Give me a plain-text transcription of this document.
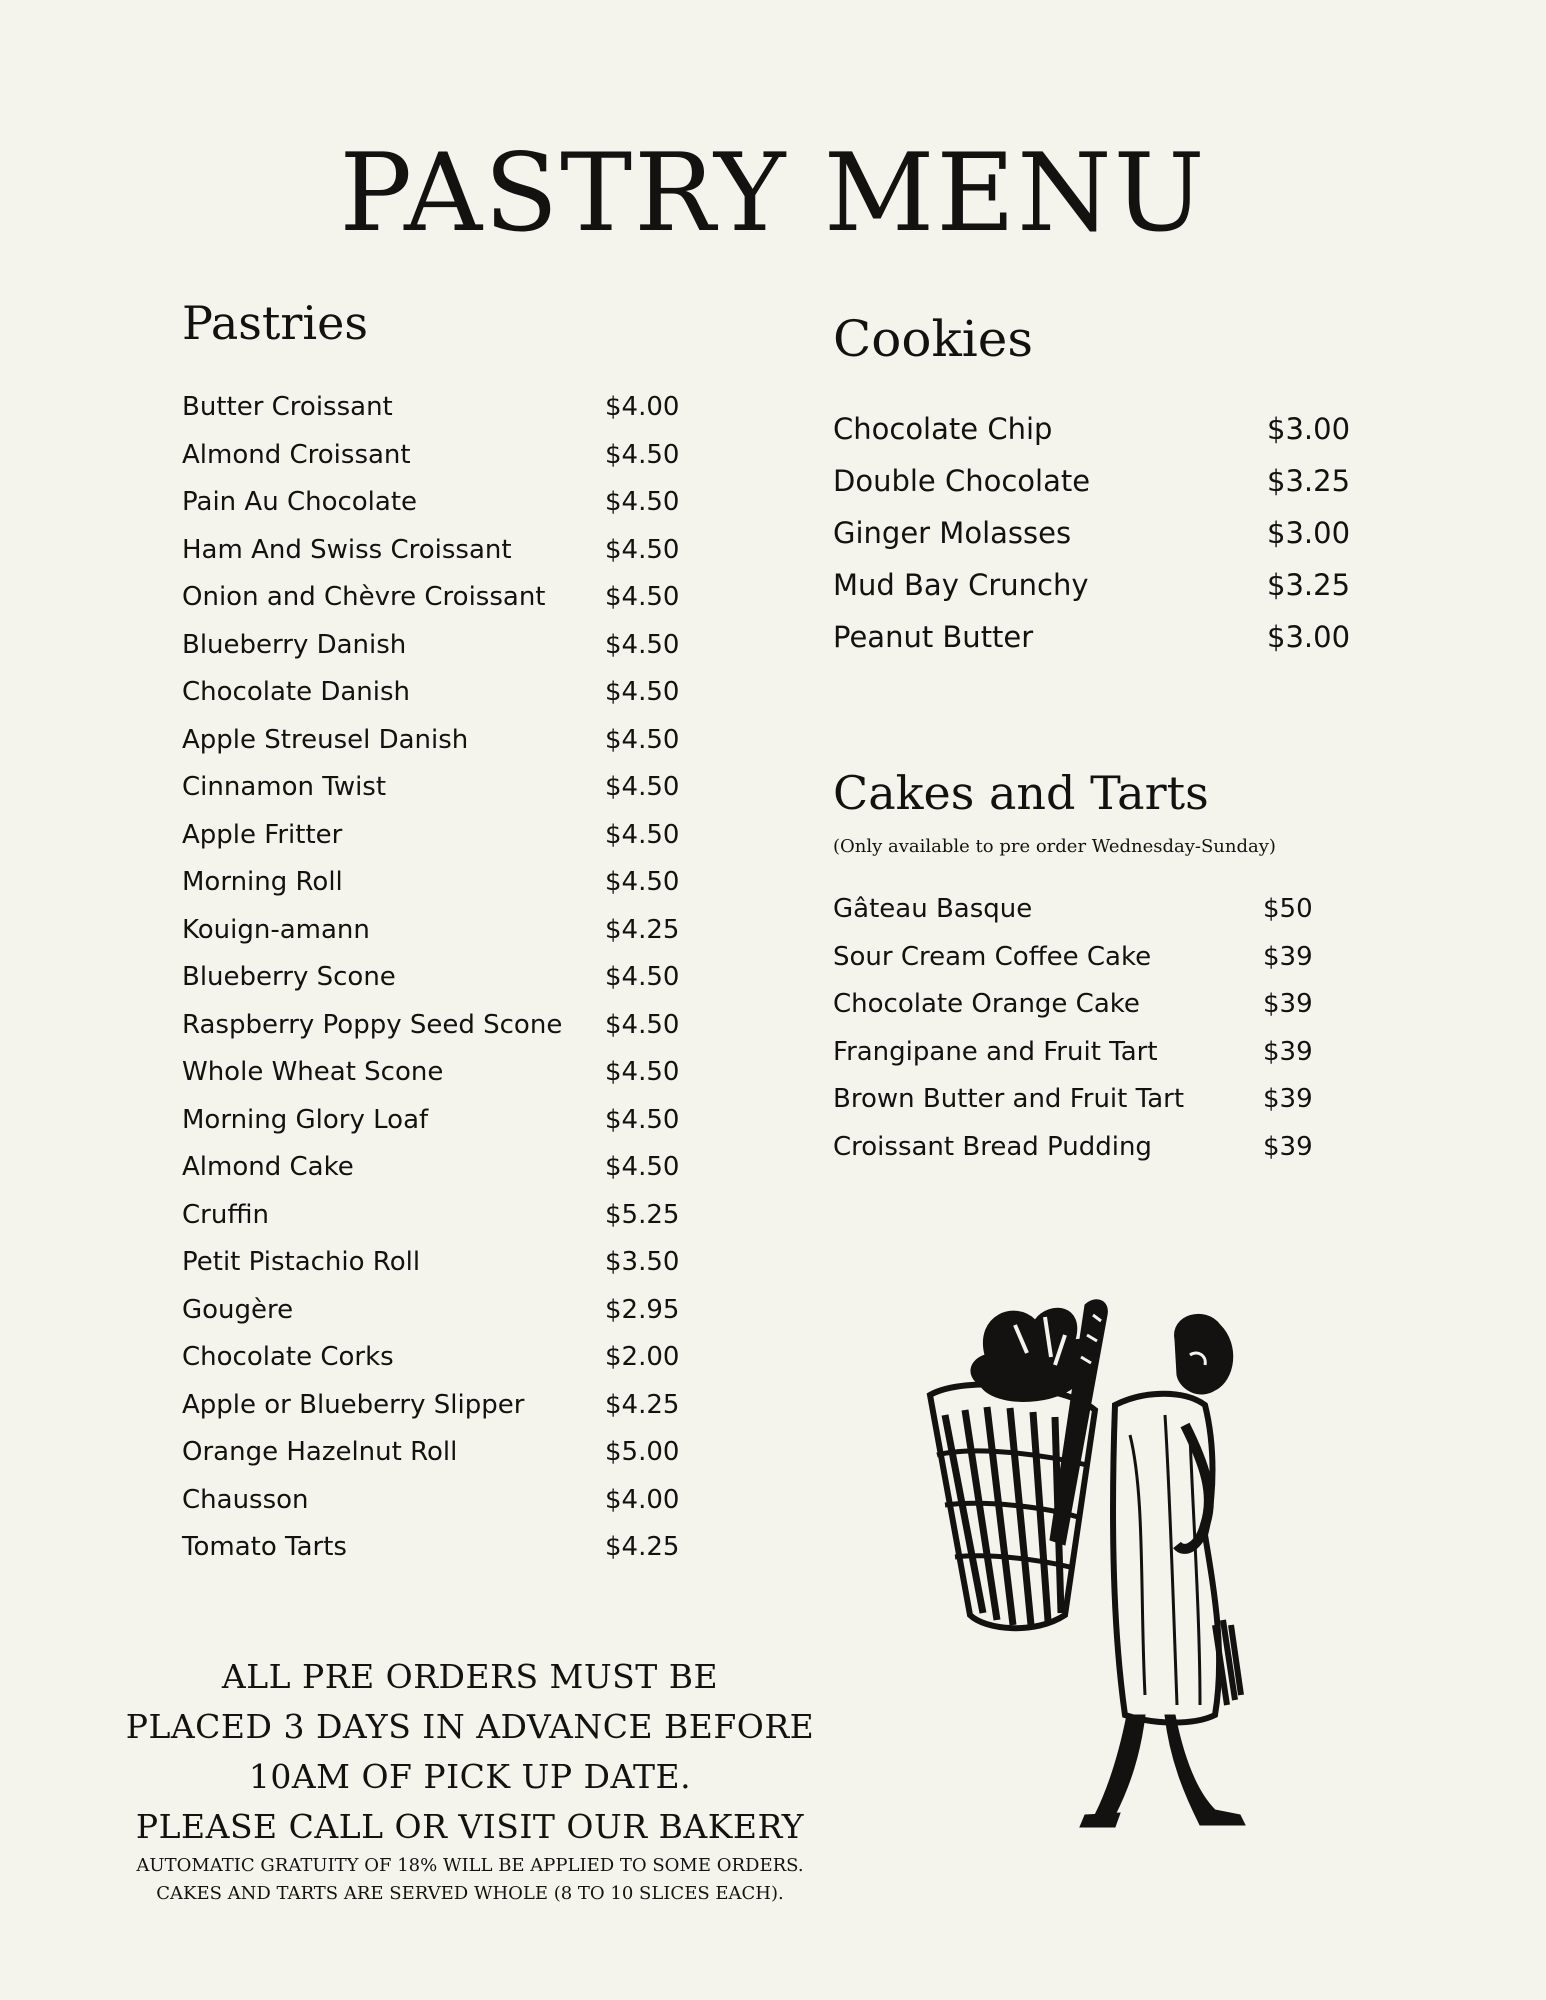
PASTRY MENU
Pastries
Butter Croissant	$4.00
Almond Croissant	$4.50
Pain Au Chocolate	$4.50
Ham And Swiss Croissant	$4.50
Onion and Chèvre Croissant $4.50
Blueberry Danish	$4.50
Chocolate Danish	$4.50
Apple Streusel Danish	$4.50
Cinnamon Twist	$4.50
Apple Fritter	$4.50
Morning Roll	$4.50
Kouign-amann	$4.25
Blueberry Scone	$4.50
Raspberry Poppy Seed Scone $4.50
Whole Wheat Scone	$4.50
Morning Glory Loaf	$4.50
Almond Cake	$4.50
Cruffin	$5.25
Petit Pistachio Roll	$3.50
Gougère	$2.95
Chocolate Corks	$2.00
Apple or Blueberry Slipper	$4.25
Orange Hazelnut Roll	$5.00
Chausson	$4.00
Tomato Tarts	$4.25
Cookies
Chocolate Chip	$3.00
Double Chocolate	$3.25
Ginger Molasses	$3.00
Mud Bay Crunchy	$3.25
Peanut Butter	$3.00
Cakes and Tarts

(Only available to pre order Wednesday-Sunday)

Gâteau Basque	$50
Sour Cream Coffee Cake	$39
Chocolate Orange Cake	$39
Frangipane and Fruit Tart	$39
Brown Butter and Fruit Tart	$39
Croissant Bread Pudding	$39
ALL PRE ORDERS MUST BE
PLACED 3 DAYS IN ADVANCE BEFORE
10AM OF PICK UP DATE.
PLEASE CALL OR VISIT OUR BAKERY
AUTOMATIC GRATUITY OF 18% WILL BE APPLIED TO SOME ORDERS.
CAKES AND TARTS ARE SERVED WHOLE (8 TO 10 SLICES EACH).
